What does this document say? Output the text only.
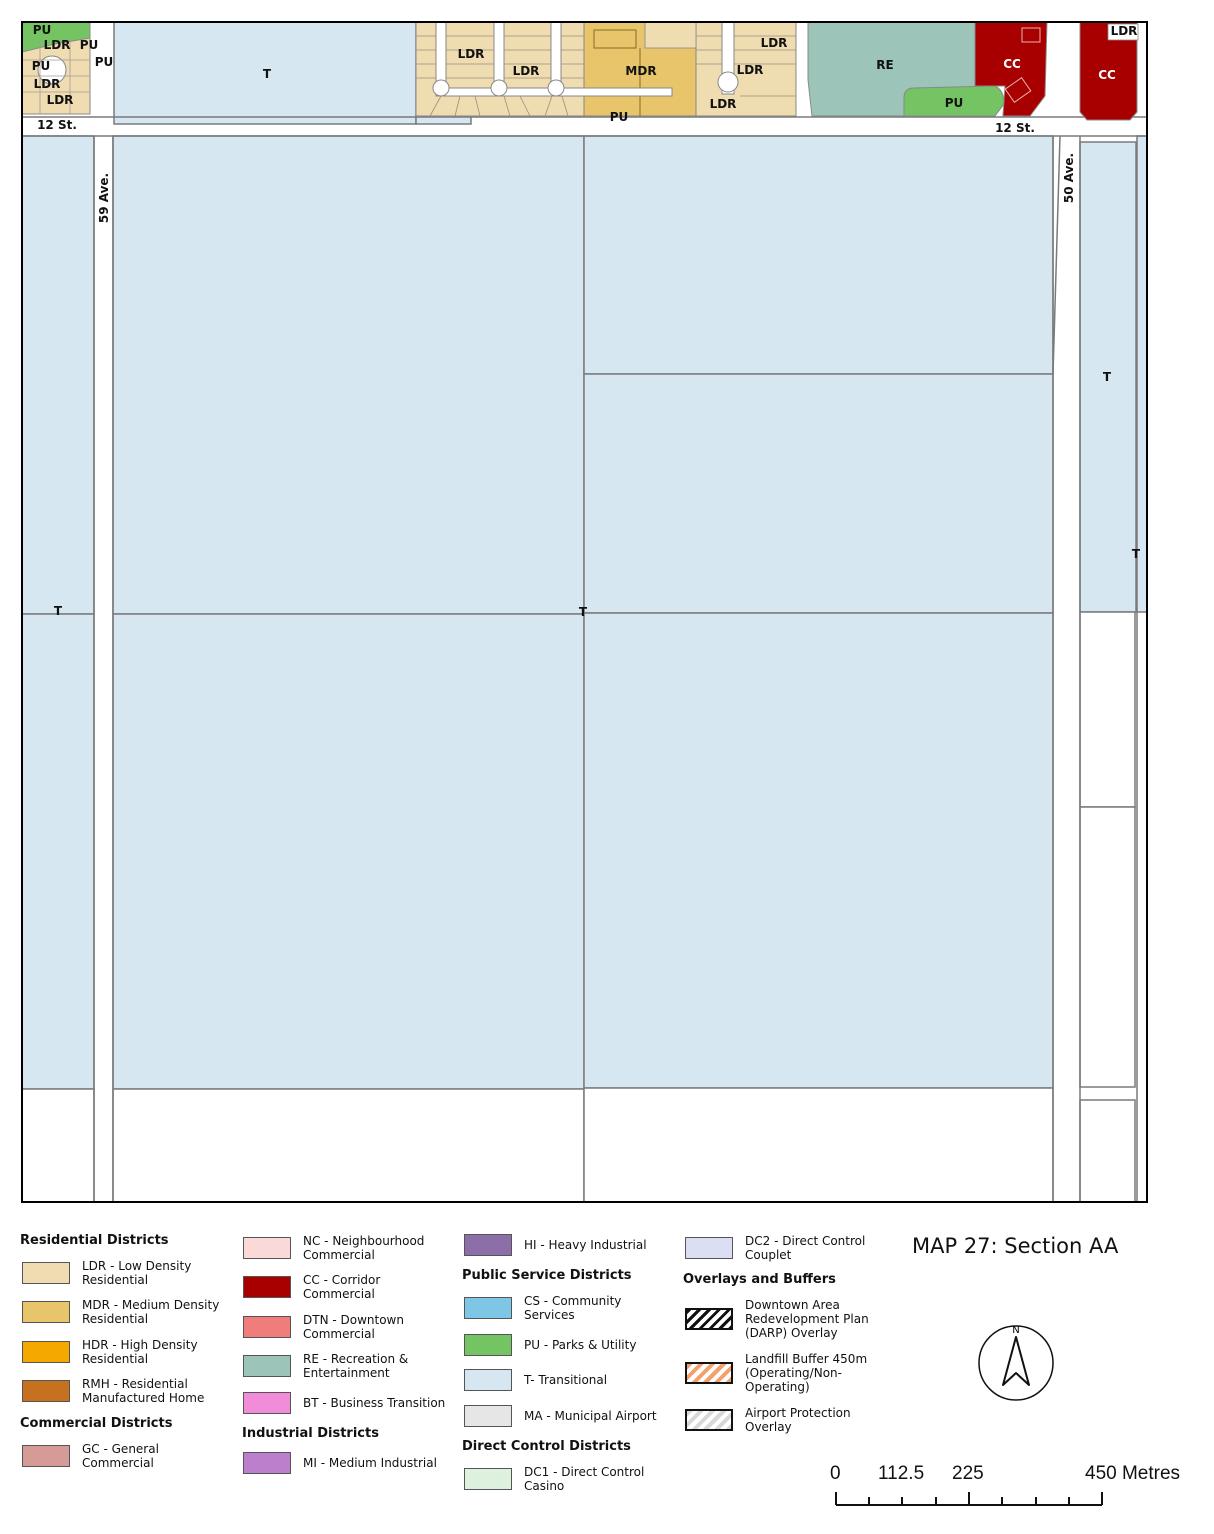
PU
LDR PU
PU	PU
LDR
LDR
T
LDR
LDR	MDR
LDR
LDR
LDR
PU
RE
PU
CC
CC
LDR
T	T
T
T
12 St.	12 St.
59 Ave.	50 Ave.
Residential Districts
LDR - Low Density
Residential
MDR - Medium Density
Residential
HDR - High Density
Residential
RMH - Residential
Manufactured Home
Commercial Districts
GC - General
Commercial
NC - Neighbourhood
Commercial
CC - Corridor
Commercial
DTN - Downtown
Commercial
RE - Recreation &
Entertainment
BT - Business Transition
Industrial Districts
MI - Medium Industrial
HI - Heavy Industrial
Public Service Districts
CS - Community
Services
PU - Parks & Utility
T- Transitional
MA - Municipal Airport
Direct Control Districts
DC1 - Direct Control
Casino
DC2 - Direct Control
Couplet
Overlays and Buffers
Downtown Area
Redevelopment Plan
(DARP) Overlay
Landfill Buffer 450m
(Operating/Non-
Operating)
Airport Protection
Overlay
MAP 27: Section AA
N
0 112.5 225	450 Metres
